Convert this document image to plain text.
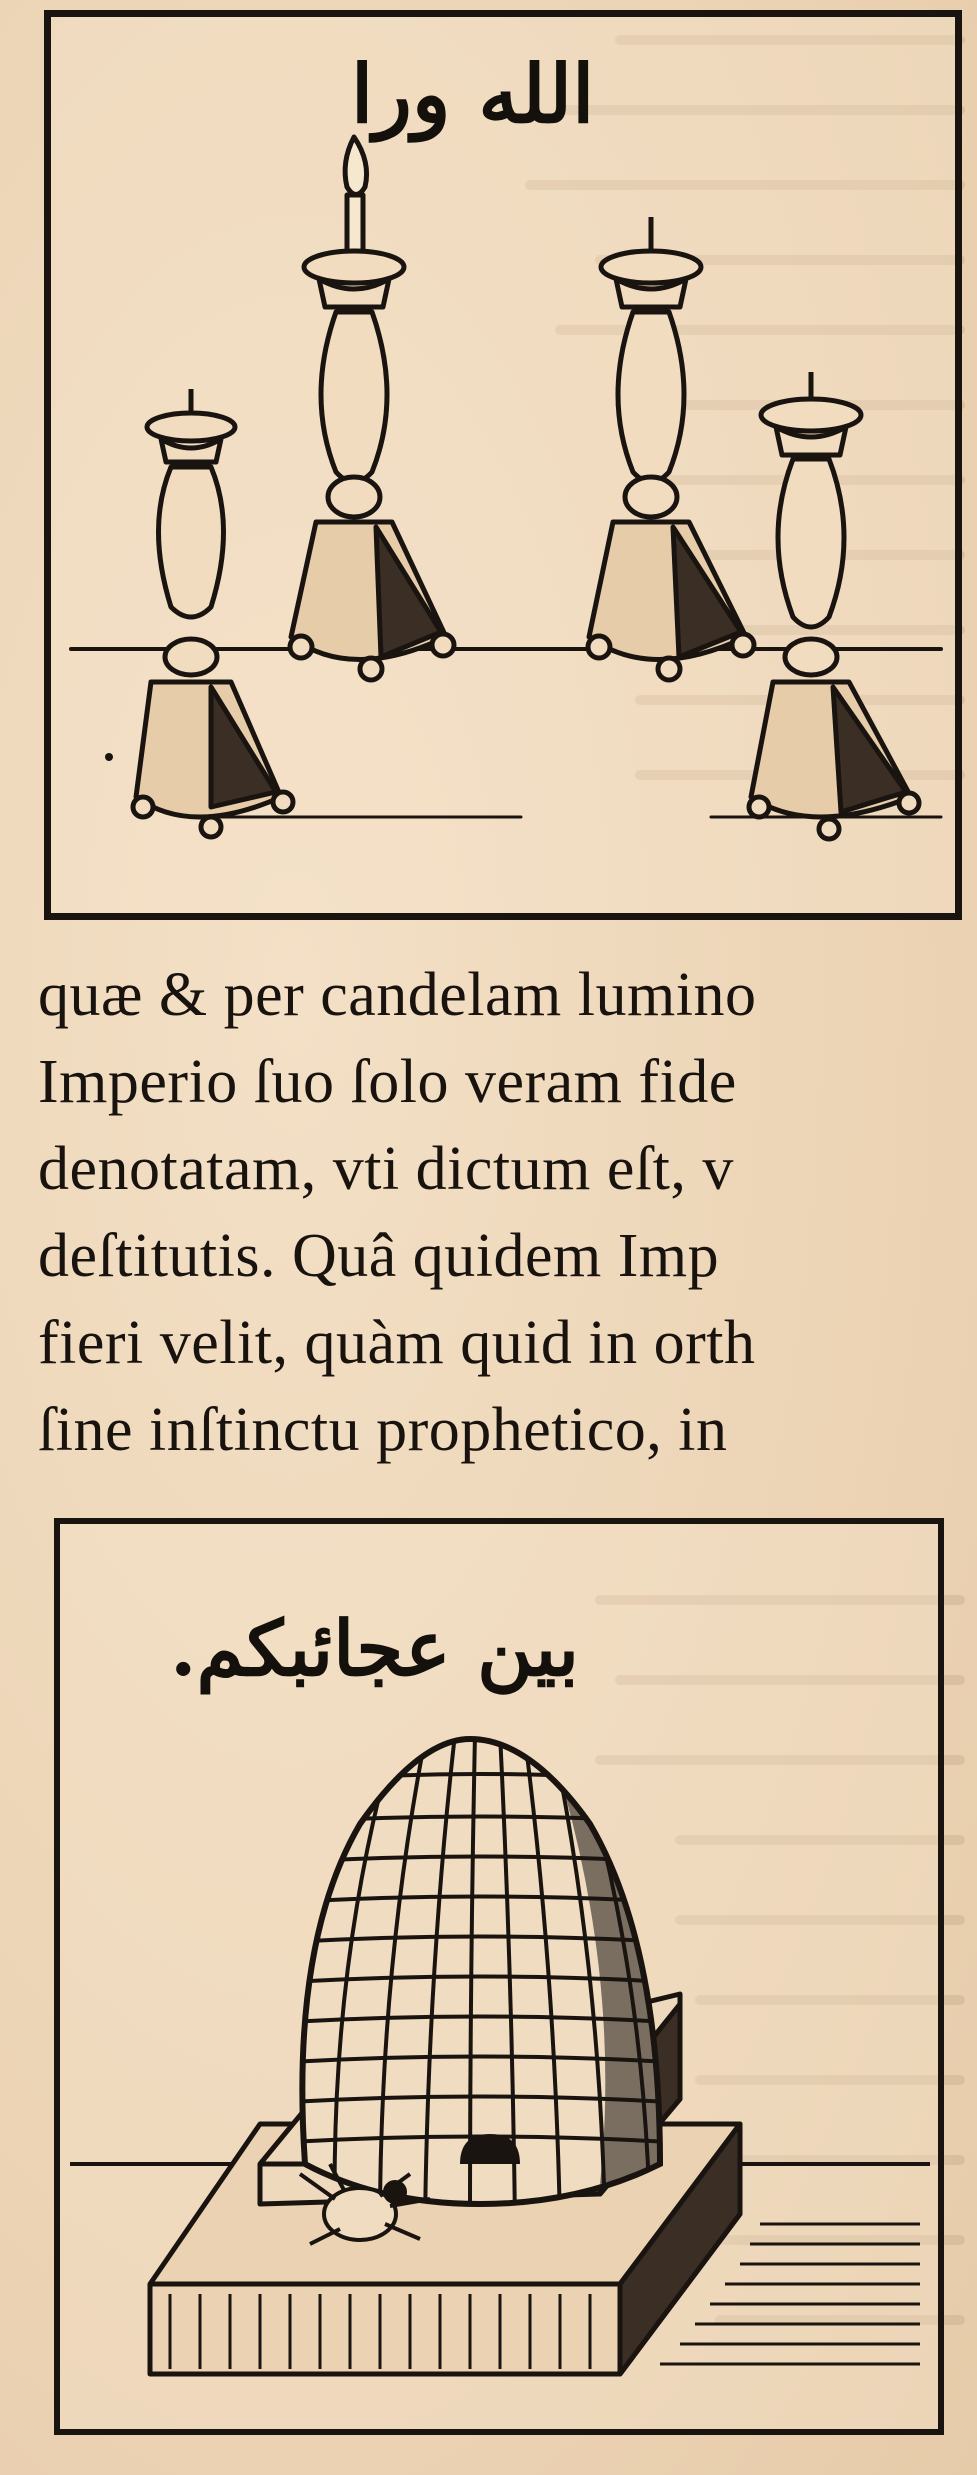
الله ورا
quæ & per candelam lumino
Imperio ſuo ſolo veram fide
denotatam, vti dictum eſt, v
deſtitutis. Quâ quidem Imp
fieri velit, quàm quid in orth
ſine inſtinctu prophetico, in
بين عجائبكم.
